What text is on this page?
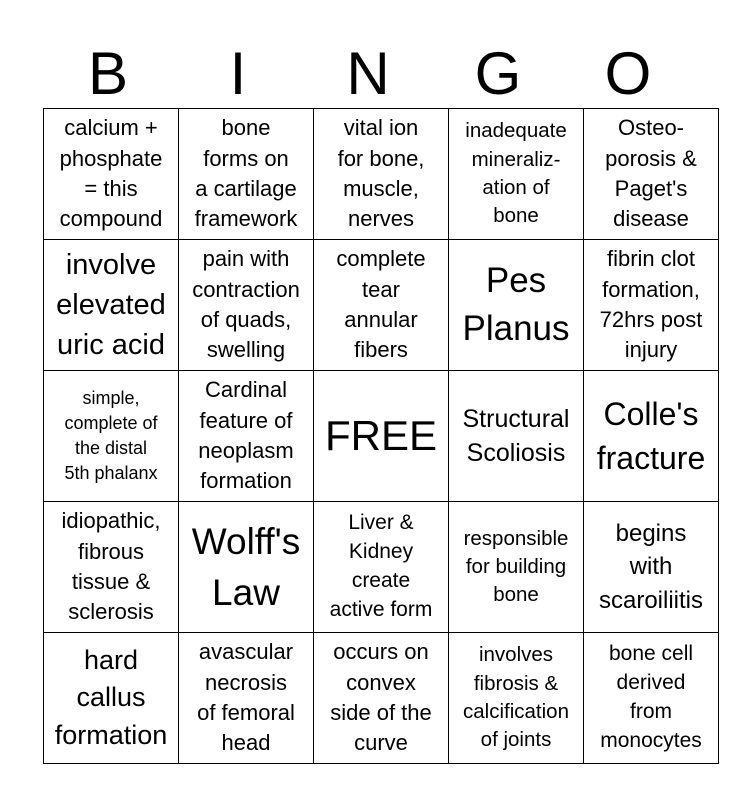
B	I	N	G	O
calcium +
phosphate
= this
compound	bone
forms on
a cartilage
framework	vital ion
for bone,
muscle,
nerves	inadequate
mineraliz-
ation of
bone	Osteo-
porosis &
Paget's
disease

involve
elevated
uric acid	pain with
contraction
of quads,
swelling	complete
tear
annular
fibers	Pes
Planus	fibrin clot
formation,
72hrs post
injury

simple,
complete of
the distal
5th phalanx	Cardinal
feature of
neoplasm
formation	FREE	Structural
Scoliosis	Colle's
fracture

idiopathic,
fibrous
tissue &
sclerosis	Wolff's
Law	Liver &
Kidney
create
active form	responsible
for building
bone	begins
with
scaroiliitis

hard
callus
formation	avascular
necrosis
of femoral
head	occurs on
convex
side of the
curve	involves
fibrosis &
calcification
of joints	bone cell
derived
from
monocytes
